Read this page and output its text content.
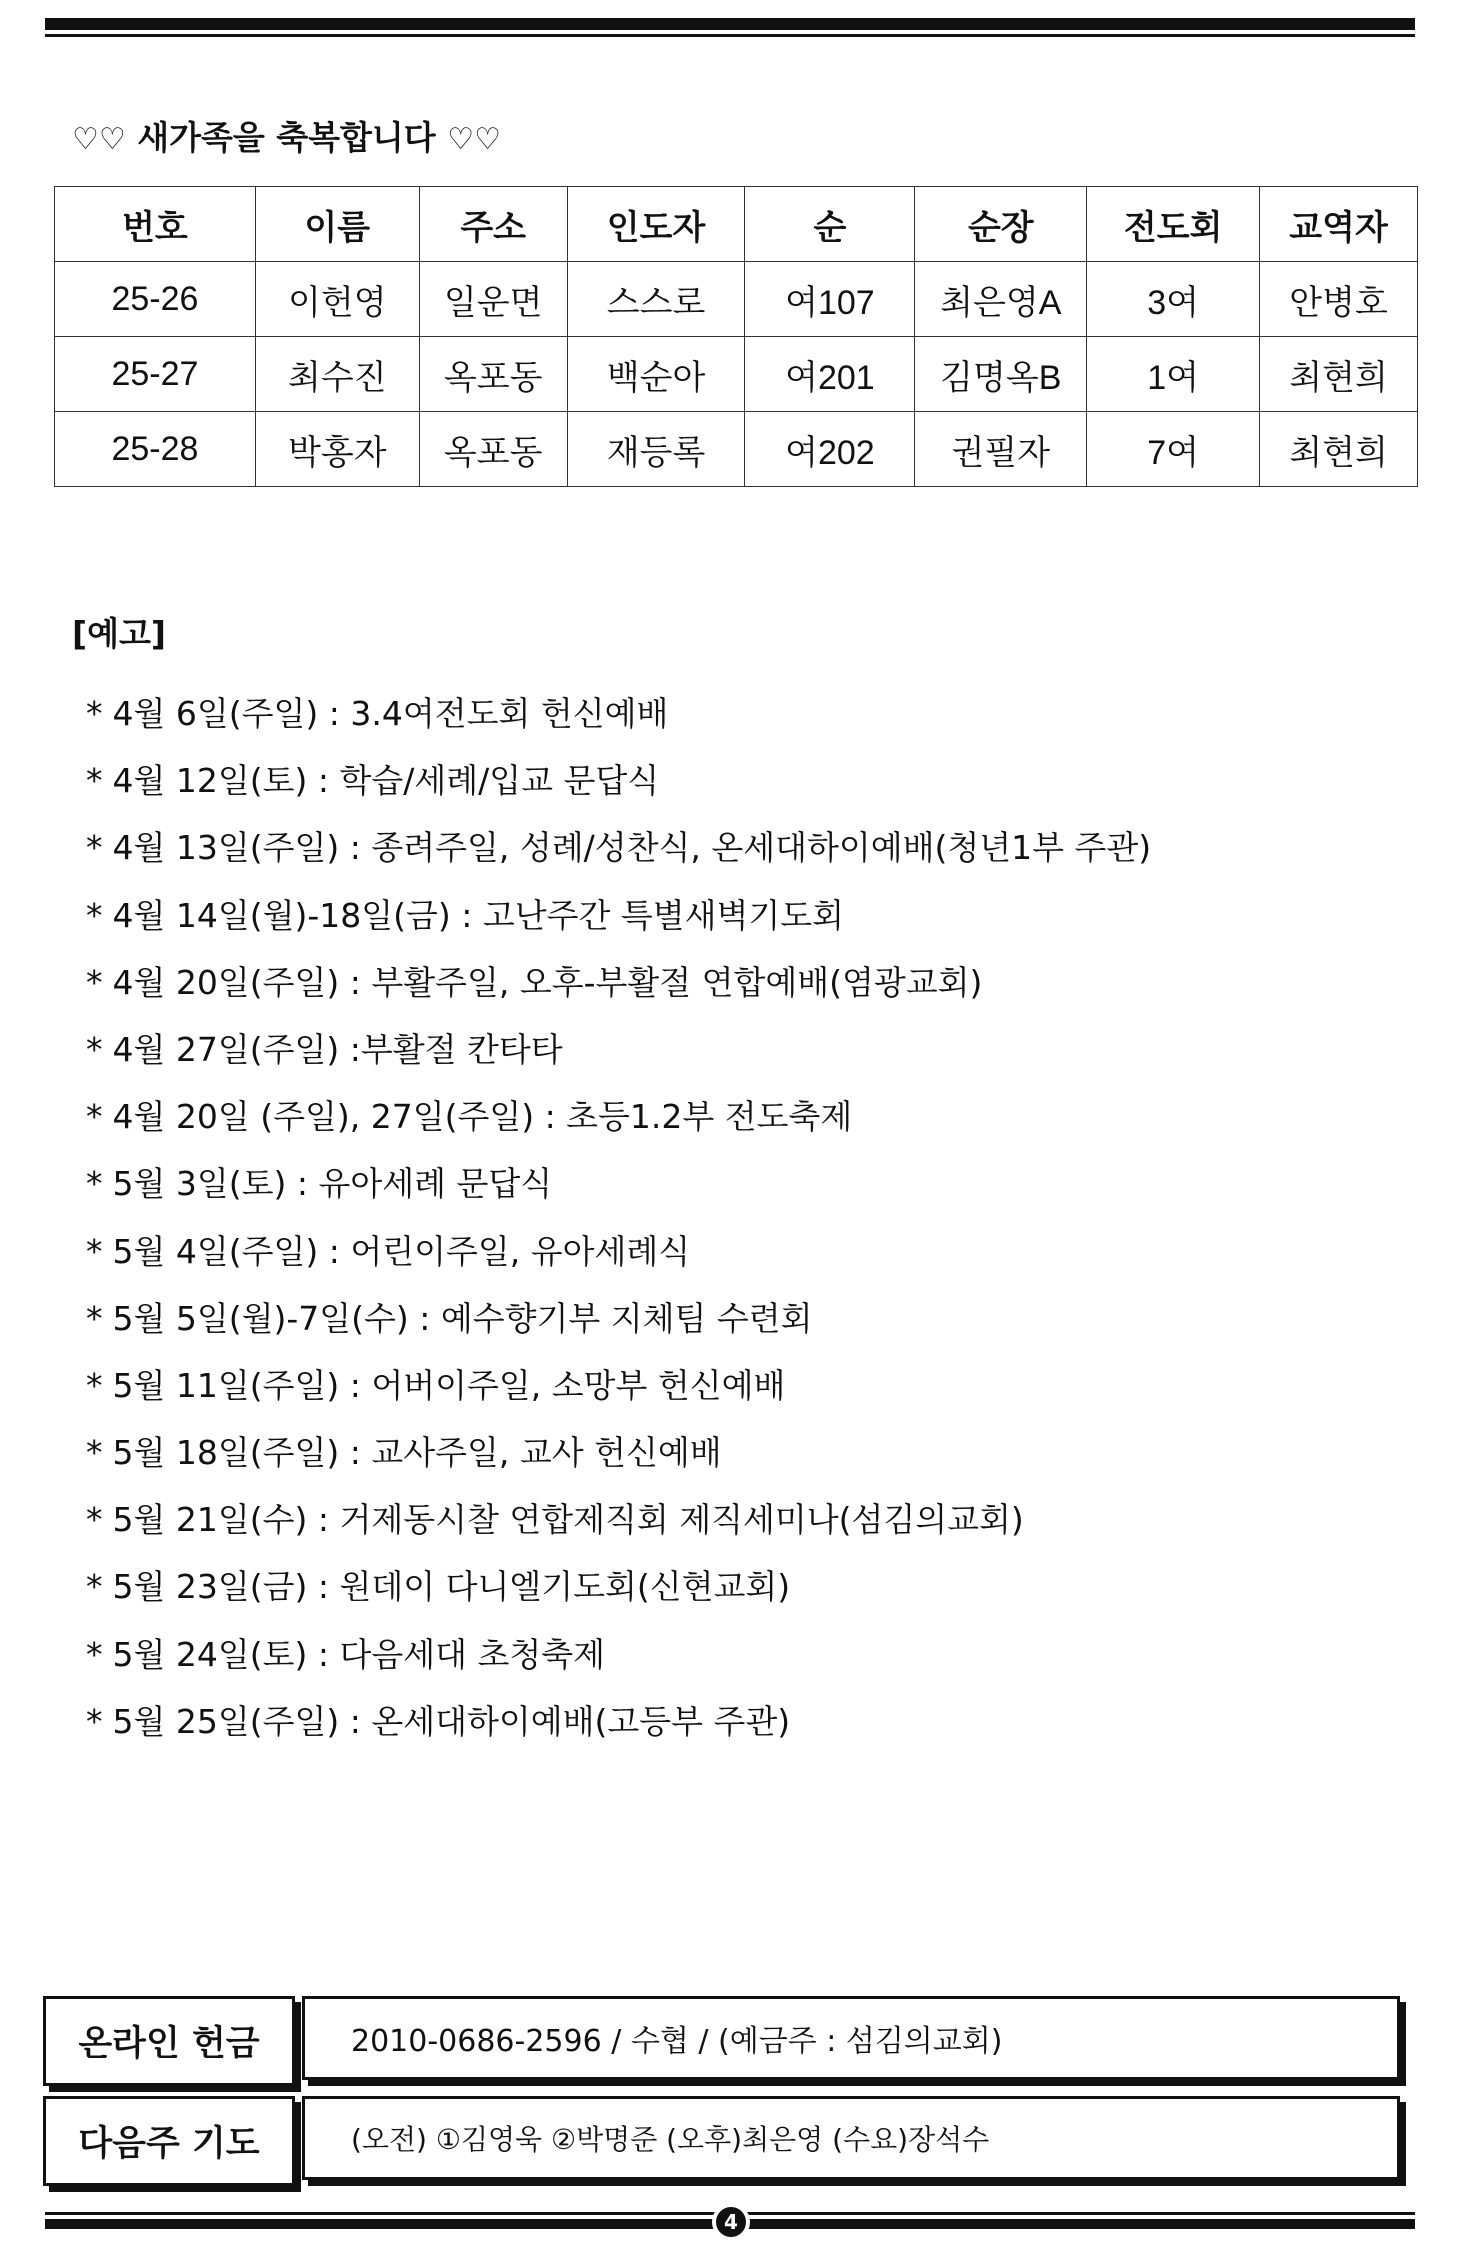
♡♡ 새가족을 축복합니다 ♡♡
번호	이름	주소	인도자	순	순장	전도회	교역자
25-26	이헌영	일운면	스스로	여107	최은영A	3여	안병호
25-27	최수진	옥포동	백순아	여201	김명옥B	1여	최현희
25-28	박홍자	옥포동	재등록	여202	권필자	7여	최현희
[예고]
* 4월 6일(주일) : 3.4여전도회 헌신예배
* 4월 12일(토) : 학습/세례/입교 문답식
* 4월 13일(주일) : 종려주일, 성례/성찬식, 온세대하이예배(청년1부 주관)
* 4월 14일(월)-18일(금) : 고난주간 특별새벽기도회
* 4월 20일(주일) : 부활주일, 오후-부활절 연합예배(염광교회)
* 4월 27일(주일) :부활절 칸타타
* 4월 20일 (주일), 27일(주일) : 초등1.2부 전도축제
* 5월 3일(토) : 유아세례 문답식
* 5월 4일(주일) : 어린이주일, 유아세례식
* 5월 5일(월)-7일(수) : 예수향기부 지체팀 수련회
* 5월 11일(주일) : 어버이주일, 소망부 헌신예배
* 5월 18일(주일) : 교사주일, 교사 헌신예배
* 5월 21일(수) : 거제동시찰 연합제직회 제직세미나(섬김의교회)
* 5월 23일(금) : 원데이 다니엘기도회(신현교회)
* 5월 24일(토) : 다음세대 초청축제
* 5월 25일(주일) : 온세대하이예배(고등부 주관)
온라인 헌금	2010-0686-2596 / 수협 / (예금주 : 섬김의교회)
다음주 기도	(오전) ①김영욱 ②박명준 (오후)최은영 (수요)장석수
4
